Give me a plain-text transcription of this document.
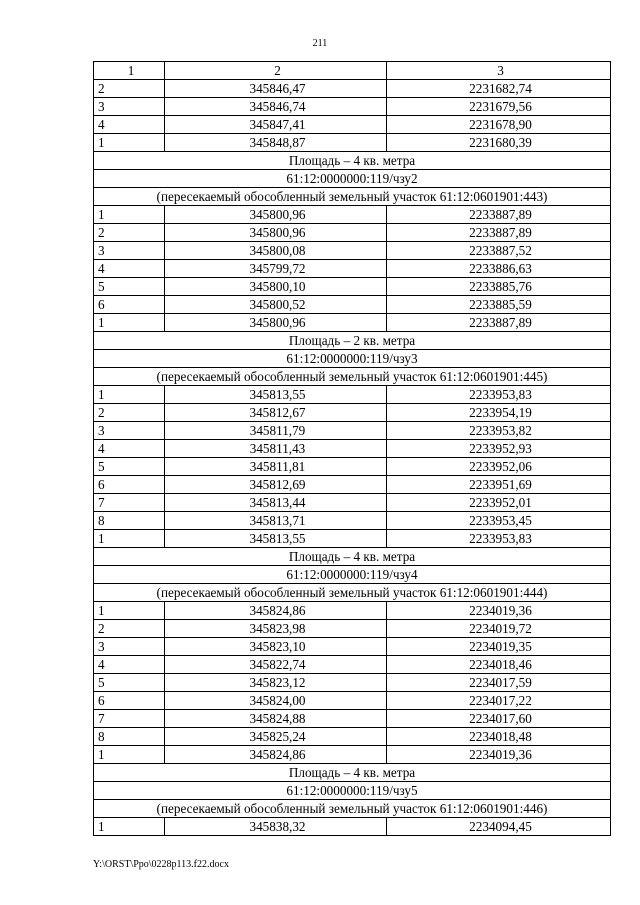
211
1	2	3
2	345846,47	2231682,74
3	345846,74	2231679,56
4	345847,41	2231678,90
1	345848,87	2231680,39
Площадь – 4 кв. метра		
61:12:0000000:119/чзу2		
(пересекаемый обособленный земельный участок 61:12:0601901:443)		
1	345800,96	2233887,89
2	345800,96	2233887,89
3	345800,08	2233887,52
4	345799,72	2233886,63
5	345800,10	2233885,76
6	345800,52	2233885,59
1	345800,96	2233887,89
Площадь – 2 кв. метра		
61:12:0000000:119/чзу3		
(пересекаемый обособленный земельный участок 61:12:0601901:445)		
1	345813,55	2233953,83
2	345812,67	2233954,19
3	345811,79	2233953,82
4	345811,43	2233952,93
5	345811,81	2233952,06
6	345812,69	2233951,69
7	345813,44	2233952,01
8	345813,71	2233953,45
1	345813,55	2233953,83
Площадь – 4 кв. метра		
61:12:0000000:119/чзу4		
(пересекаемый обособленный земельный участок 61:12:0601901:444)		
1	345824,86	2234019,36
2	345823,98	2234019,72
3	345823,10	2234019,35
4	345822,74	2234018,46
5	345823,12	2234017,59
6	345824,00	2234017,22
7	345824,88	2234017,60
8	345825,24	2234018,48
1	345824,86	2234019,36
Площадь – 4 кв. метра		
61:12:0000000:119/чзу5		
(пересекаемый обособленный земельный участок 61:12:0601901:446)		
1	345838,32	2234094,45
Y:\ORST\Ppo\0228p113.f22.docx
